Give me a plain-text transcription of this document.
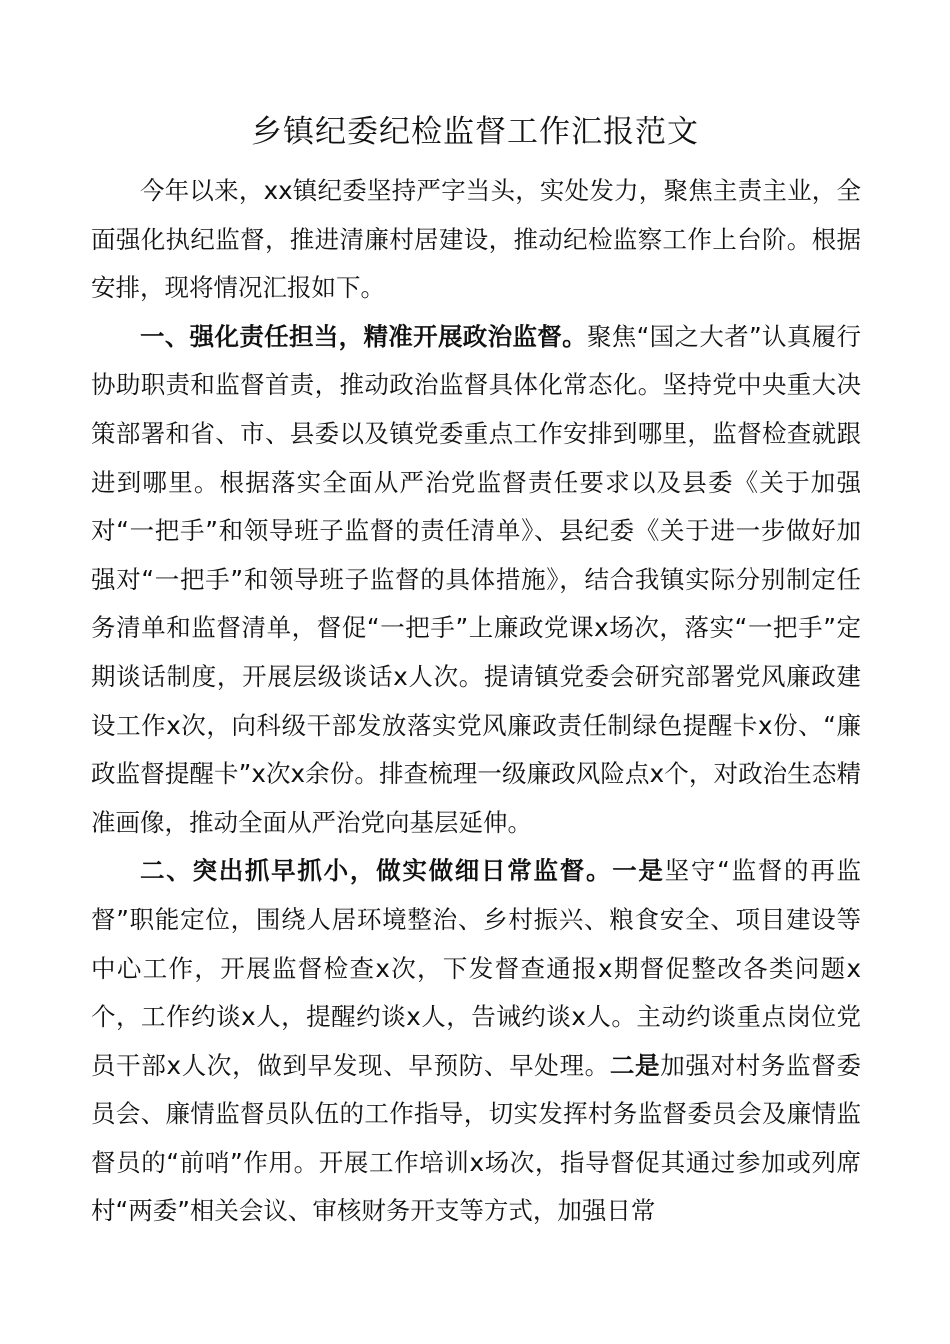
乡镇纪委纪检监督工作汇报范文

今年以来，xx镇纪委坚持严字当头，实处发力，聚焦主责主业，全面强化执纪监督，推进清廉村居建设，推动纪检监察工作上台阶。根据安排，现将情况汇报如下。

一、强化责任担当，精准开展政治监督。聚焦“国之大者”认真履行协助职责和监督首责，推动政治监督具体化常态化。坚持党中央重大决策部署和省、市、县委以及镇党委重点工作安排到哪里，监督检查就跟进到哪里。根据落实全面从严治党监督责任要求以及县委《关于加强对“一把手”和领导班子监督的责任清单》、县纪委《关于进一步做好加强对“一把手”和领导班子监督的具体措施》，结合我镇实际分别制定任务清单和监督清单，督促“一把手”上廉政党课x场次，落实“一把手”定期谈话制度，开展层级谈话x人次。提请镇党委会研究部署党风廉政建设工作x次，向科级干部发放落实党风廉政责任制绿色提醒卡x份、“廉政监督提醒卡”x次x余份。排查梳理一级廉政风险点x个，对政治生态精准画像，推动全面从严治党向基层延伸。

二、突出抓早抓小，做实做细日常监督。一是坚守“监督的再监督”职能定位，围绕人居环境整治、乡村振兴、粮食安全、项目建设等中心工作，开展监督检查x次，下发督查通报x期督促整改各类问题x个，工作约谈x人，提醒约谈x人，告诫约谈x人。主动约谈重点岗位党员干部x人次，做到早发现、早预防、早处理。二是加强对村务监督委员会、廉情监督员队伍的工作指导，切实发挥村务监督委员会及廉情监督员的“前哨”作用。开展工作培训x场次，指导督促其通过参加或列席村“两委”相关会议、审核财务开支等方式，加强日常
